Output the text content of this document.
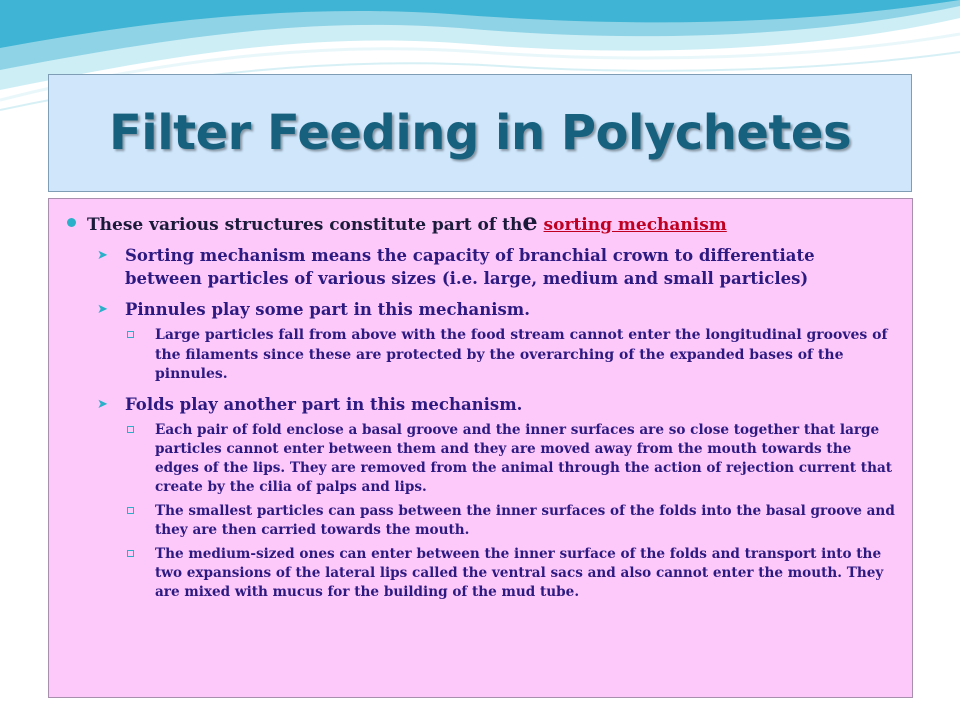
Filter Feeding in Polychetes
These various structures constitute part of the sorting mechanism
➤ Sorting mechanism means the capacity of branchial crown to differentiate between particles of various sizes (i.e. large, medium and small particles)
➤ Pinnules play some part in this mechanism.
Large particles fall from above with the food stream cannot enter the longitudinal grooves of the filaments since these are protected by the overarching of the expanded bases of the pinnules.
➤ Folds play another part in this mechanism.
Each pair of fold enclose a basal groove and the inner surfaces are so close together that large particles cannot enter between them and they are moved away from the mouth towards the edges of the lips. They are removed from the animal through the action of rejection current that create by the cilia of palps and lips.
The smallest particles can pass between the inner surfaces of the folds into the basal groove and they are then carried towards the mouth.
The medium-sized ones can enter between the inner surface of the folds and transport into the two expansions of the lateral lips called the ventral sacs and also cannot enter the mouth. They are mixed with mucus for the building of the mud tube.
